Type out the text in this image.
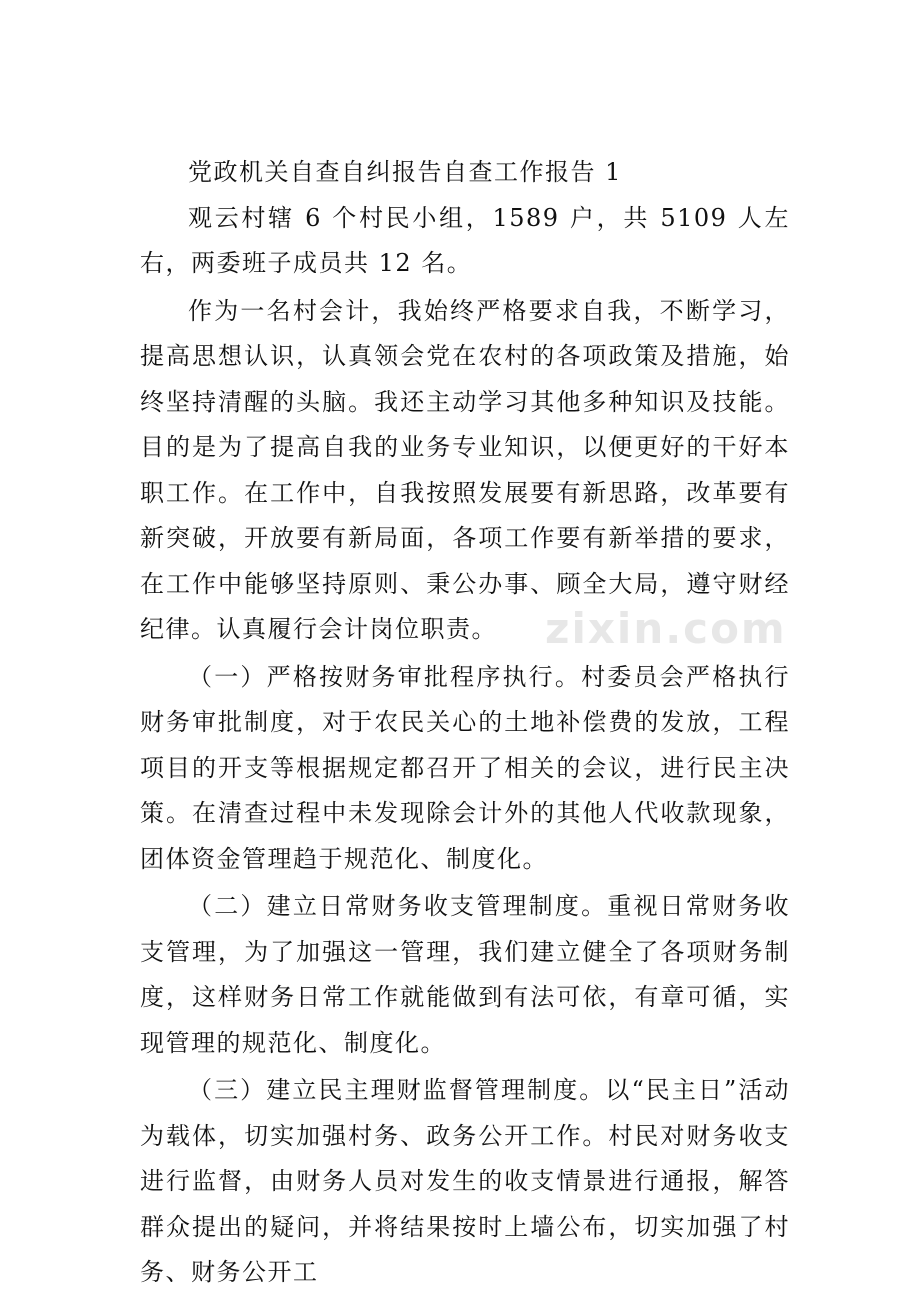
党政机关自查自纠报告自查工作报告 1

观云村辖 6 个村民小组，1589 户，共 5109 人左右，两委班子成员共 12 名。

作为一名村会计，我始终严格要求自我，不断学习，提高思想认识，认真领会党在农村的各项政策及措施，始终坚持清醒的头脑。我还主动学习其他多种知识及技能。目的是为了提高自我的业务专业知识，以便更好的干好本职工作。在工作中，自我按照发展要有新思路，改革要有新突破，开放要有新局面，各项工作要有新举措的要求，在工作中能够坚持原则、秉公办事、顾全大局，遵守财经纪律。认真履行会计岗位职责。

（一）严格按财务审批程序执行。村委员会严格执行财务审批制度，对于农民关心的土地补偿费的发放，工程项目的开支等根据规定都召开了相关的会议，进行民主决策。在清查过程中未发现除会计外的其他人代收款现象，团体资金管理趋于规范化、制度化。

（二）建立日常财务收支管理制度。重视日常财务收支管理，为了加强这一管理，我们建立健全了各项财务制度，这样财务日常工作就能做到有法可依，有章可循，实现管理的规范化、制度化。

（三）建立民主理财监督管理制度。以“民主日”活动为载体，切实加强村务、政务公开工作。村民对财务收支进行监督，由财务人员对发生的收支情景进行通报，解答群众提出的疑问，并将结果按时上墙公布，切实加强了村务、财务公开工

zixin.com
